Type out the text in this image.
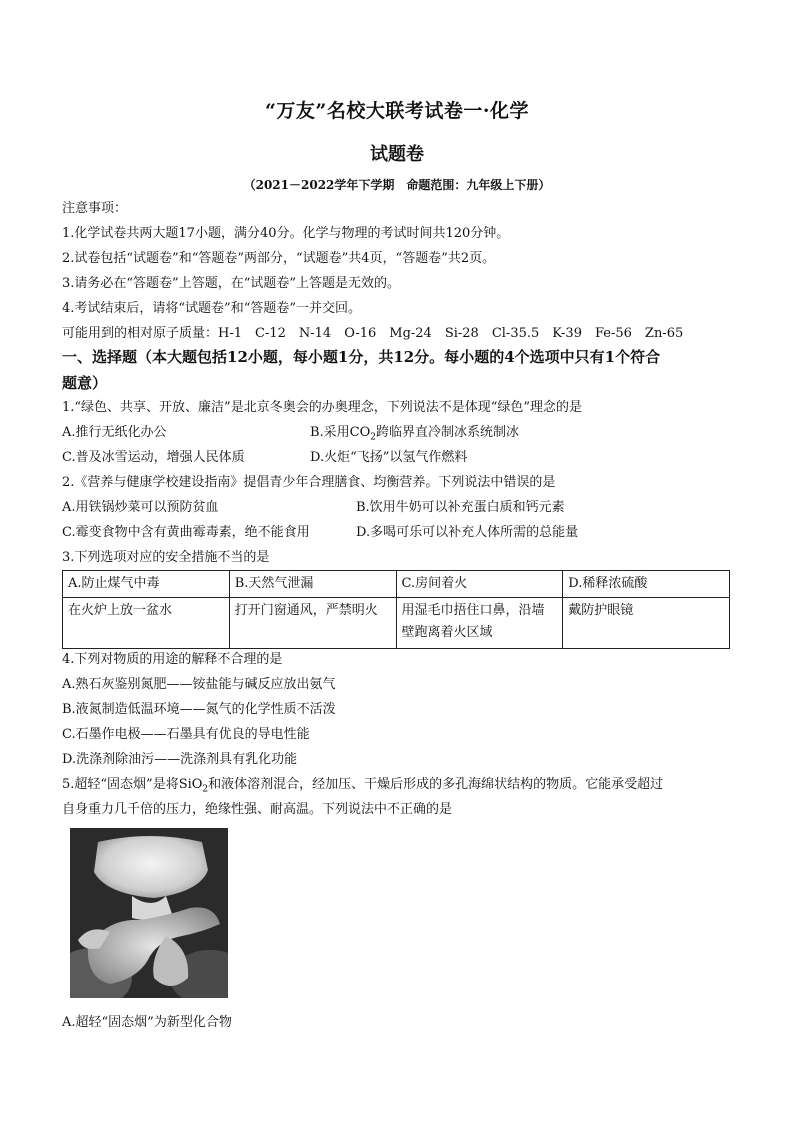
“万友”名校大联考试卷一·化学
试题卷
（2021－2022学年下学期　命题范围：九年级上下册）
注意事项：
1.化学试卷共两大题17小题，满分40分。化学与物理的考试时间共120分钟。
2.试卷包括“试题卷”和“答题卷”两部分，“试题卷”共4页，“答题卷”共2页。
3.请务必在“答题卷”上答题，在“试题卷”上答题是无效的。
4.考试结束后，请将“试题卷”和“答题卷”一并交回。
可能用到的相对原子质量：H-1　C-12　N-14　O-16　Mg-24　Si-28　Cl-35.5　K-39　Fe-56　Zn-65
一、选择题（本大题包括12小题，每小题1分，共12分。每小题的4个选项中只有1个符合
题意）
1.“绿色、共享、开放、廉洁”是北京冬奥会的办奥理念，下列说法不是体现“绿色”理念的是
A.推行无纸化办公	B.采用$CO_2$跨临界直冷制冰系统制冰
C.普及冰雪运动，增强人民体质	D.火炬“飞扬”以氢气作燃料
2.《营养与健康学校建设指南》提倡青少年合理膳食、均衡营养。下列说法中错误的是
A.用铁锅炒菜可以预防贫血	B.饮用牛奶可以补充蛋白质和钙元素
C.霉变食物中含有黄曲霉毒素，绝不能食用	D.多喝可乐可以补充人体所需的总能量
3.下列选项对应的安全措施不当的是
A.防止煤气中毒	B.天然气泄漏	C.房间着火	D.稀释浓硫酸
在火炉上放一盆水	打开门窗通风，严禁明火	用湿毛巾捂住口鼻，沿墙壁跑离着火区域	戴防护眼镜
4.下列对物质的用途的解释不合理的是
A.熟石灰鉴别氮肥——铵盐能与碱反应放出氨气
B.液氮制造低温环境——氮气的化学性质不活泼
C.石墨作电极——石墨具有优良的导电性能
D.洗涤剂除油污——洗涤剂具有乳化功能
5.超轻“固态烟”是将SiO$_2$和液体溶剂混合，经加压、干燥后形成的多孔海绵状结构的物质。它能承受超过
自身重力几千倍的压力，绝缘性强、耐高温。下列说法中不正确的是
A.超轻“固态烟”为新型化合物
